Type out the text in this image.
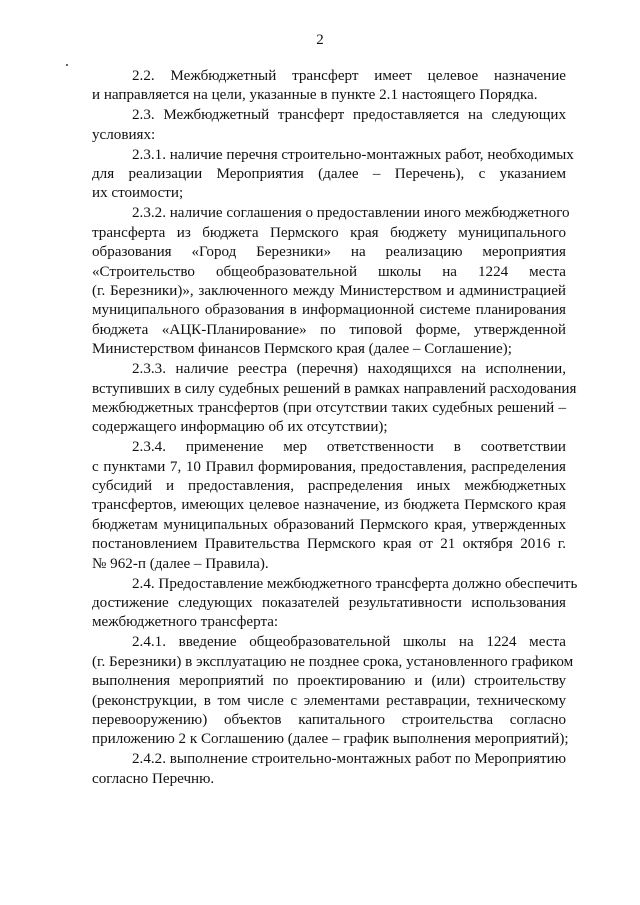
2

2.2. Межбюджетный трансферт имеет целевое назначение
и направляется на цели, указанные в пункте 2.1 настоящего Порядка.

2.3. Межбюджетный трансферт предоставляется на следующих
условиях:

2.3.1. наличие перечня строительно-монтажных работ, необходимых
для реализации Мероприятия (далее – Перечень), с указанием
их стоимости;

2.3.2. наличие соглашения о предоставлении иного межбюджетного
трансферта из бюджета Пермского края бюджету муниципального
образования «Город Березники» на реализацию мероприятия
«Строительство общеобразовательной школы на 1224 места
(г. Березники)», заключенного между Министерством и администрацией
муниципального образования в информационной системе планирования
бюджета «АЦК-Планирование» по типовой форме, утвержденной
Министерством финансов Пермского края (далее – Соглашение);

2.3.3. наличие реестра (перечня) находящихся на исполнении,
вступивших в силу судебных решений в рамках направлений расходования
межбюджетных трансфертов (при отсутствии таких судебных решений –
содержащего информацию об их отсутствии);

2.3.4. применение мер ответственности в соответствии
с пунктами 7, 10 Правил формирования, предоставления, распределения
субсидий и предоставления, распределения иных межбюджетных
трансфертов, имеющих целевое назначение, из бюджета Пермского края
бюджетам муниципальных образований Пермского края, утвержденных
постановлением Правительства Пермского края от 21 октября 2016 г.
№ 962-п (далее – Правила).

2.4. Предоставление межбюджетного трансферта должно обеспечить
достижение следующих показателей результативности использования
межбюджетного трансферта:

2.4.1. введение общеобразовательной школы на 1224 места
(г. Березники) в эксплуатацию не позднее срока, установленного графиком
выполнения мероприятий по проектированию и (или) строительству
(реконструкции, в том числе с элементами реставрации, техническому
перевооружению) объектов капитального строительства согласно
приложению 2 к Соглашению (далее – график выполнения мероприятий);

2.4.2. выполнение строительно-монтажных работ по Мероприятию
согласно Перечню.
